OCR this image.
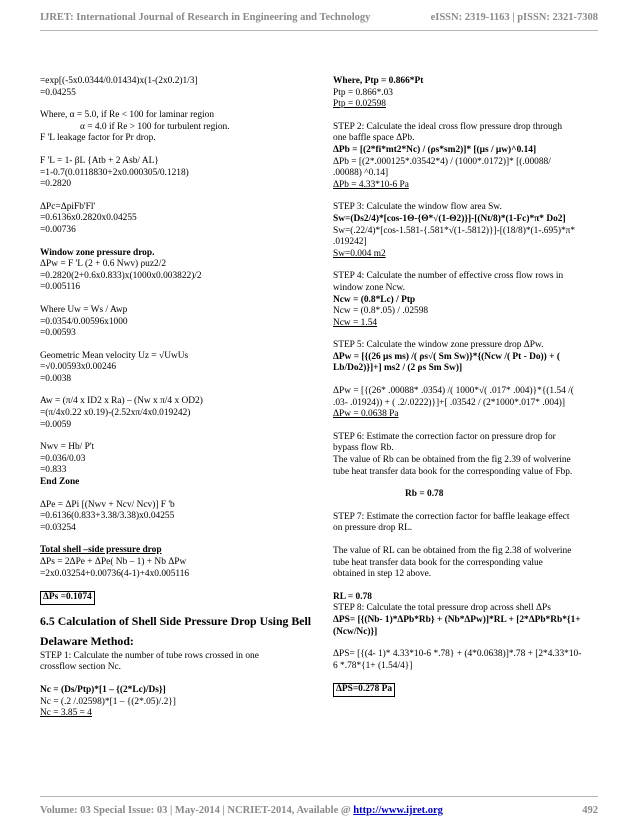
IJRET: International Journal of Research in Engineering and Technology	eISSN: 2319-1163 | pISSN: 2321-7308
=exp[(-5x0.0344/0.01434)x(1-(2x0.2)1/3]
=0.04255
Where, α = 5.0, if Re < 100 for laminar region
α = 4.0 if Re > 100 for turbulent region.
F 'L leakage factor for Pr drop.
F 'L = 1- βL {Atb + 2 Asb/ AL}
=1-0.7(0.0118830+2x0.000305/0.1218)
=0.2820
ΔPc=ΔpiFb'Fl'
=0.6136x0.2820x0.04255
=0.00736
Window zone pressure drop.
ΔPw = F 'L (2 + 0.6 Nwv) ρuz2/2
=0.2820(2+0.6x0.833)x(1000x0.003822)/2
=0.005116
Where Uw = Ws / Awp
=0.0354/0.00596x1000
=0.00593
Geometric Mean velocity Uz = √UwUs
=√0.00593x0.00246
=0.0038
Aw = (π/4 x ID2 x Ra) – (Nw x π/4 x OD2)
=(π/4x0.22 x0.19)-(2.52xπ/4x0.019242)
=0.0059
Nwv = Hb/ P't
=0.036/0.03
=0.833
End Zone
ΔPe = ΔPi [(Nwv + Ncv/ Ncv)] F 'b
=0.6136(0.833+3.38/3.38)x0.04255
=0.03254
Total shell –side pressure drop
ΔPs = 2ΔPe + ΔPe( Nb – 1) + Nb ΔPw
=2x0.03254+0.00736(4-1)+4x0.005116
ΔPs =0.1074
6.5 Calculation of Shell Side Pressure Drop Using Bell
Delaware Method:
STEP 1: Calculate the number of tube rows crossed in one
crossflow section Nc.
Nc = (Ds/Ptp)*[1 – {(2*Lc)/Ds}]
Nc = (.2 /.02598)*[1 – {(2*.05)/.2}]
Nc = 3.85 = 4
Where, Ptp = 0.866*Pt
Ptp = 0.866*.03
Ptp = 0.02598
STEP 2: Calculate the ideal cross flow pressure drop through
one baffle space ΔPb.
ΔPb = [(2*fi*mt2*Nc) / (ρs*sm2)]* [(μs / μw)^0.14]
ΔPb = [(2*.000125*.03542*4) / (1000*.0172)]* [(.00088/
.00088) ^0.14]
ΔPb = 4.33*10-6 Pa
STEP 3: Calculate the window flow area Sw.
Sw=(Ds2/4)*[cos-1Θ-{Θ*√(1-Θ2)}]-[(Nt/8)*(1-Fc)*π* Do2]
Sw=(.22/4)*[cos-1.581-{.581*√(1-.5812)}]-[(18/8)*(1-.695)*π*
.019242]
Sw=0.004 m2
STEP 4: Calculate the number of effective cross flow rows in
window zone Ncw.
Ncw = (0.8*Lc) / Ptp
Ncw = (0.8*.05) / .02598
Ncw = 1.54
STEP 5: Calculate the window zone pressure drop ΔPw.
ΔPw = [{(26 μs ms) /( ρs√( Sm Sw)}*{(Ncw /( Pt - Do)) + (
Lb/Do2)}]+] ms2 / (2 ρs Sm Sw)]
ΔPw = [{(26* .00088* .0354) /( 1000*√( .017* .004)}*{(1.54 /(
.03- .01924)) + ( .2/.0222)}]+[ .03542 / (2*1000*.017* .004)]
ΔPw = 0.0638 Pa
STEP 6: Estimate the correction factor on pressure drop for
bypass flow Rb.
The value of Rb can be obtained from the fig 2.39 of wolverine
tube heat transfer data book for the corresponding value of Fbp.
Rb = 0.78
STEP 7: Estimate the correction factor for baffle leakage effect
on pressure drop RL.
The value of RL can be obtained from the fig 2.38 of wolverine
tube heat transfer data book for the corresponding value
obtained in step 12 above.
RL = 0.78
STEP 8: Calculate the total pressure drop across shell ΔPs
ΔPS= [{(Nb- 1)*ΔPb*Rb} + (Nb*ΔPw)]*RL + [2*ΔPb*Rb*{1+
(Ncw/Nc)}]
ΔPS= [{(4- 1)* 4.33*10-6 *.78} + (4*0.0638)]*.78 + [2*4.33*10-
6 *.78*{1+ (1.54/4}]
ΔPS=0.278 Pa
Volume: 03 Special Issue: 03 | May-2014 | NCRIET-2014, Available @ http://www.ijret.org	492
